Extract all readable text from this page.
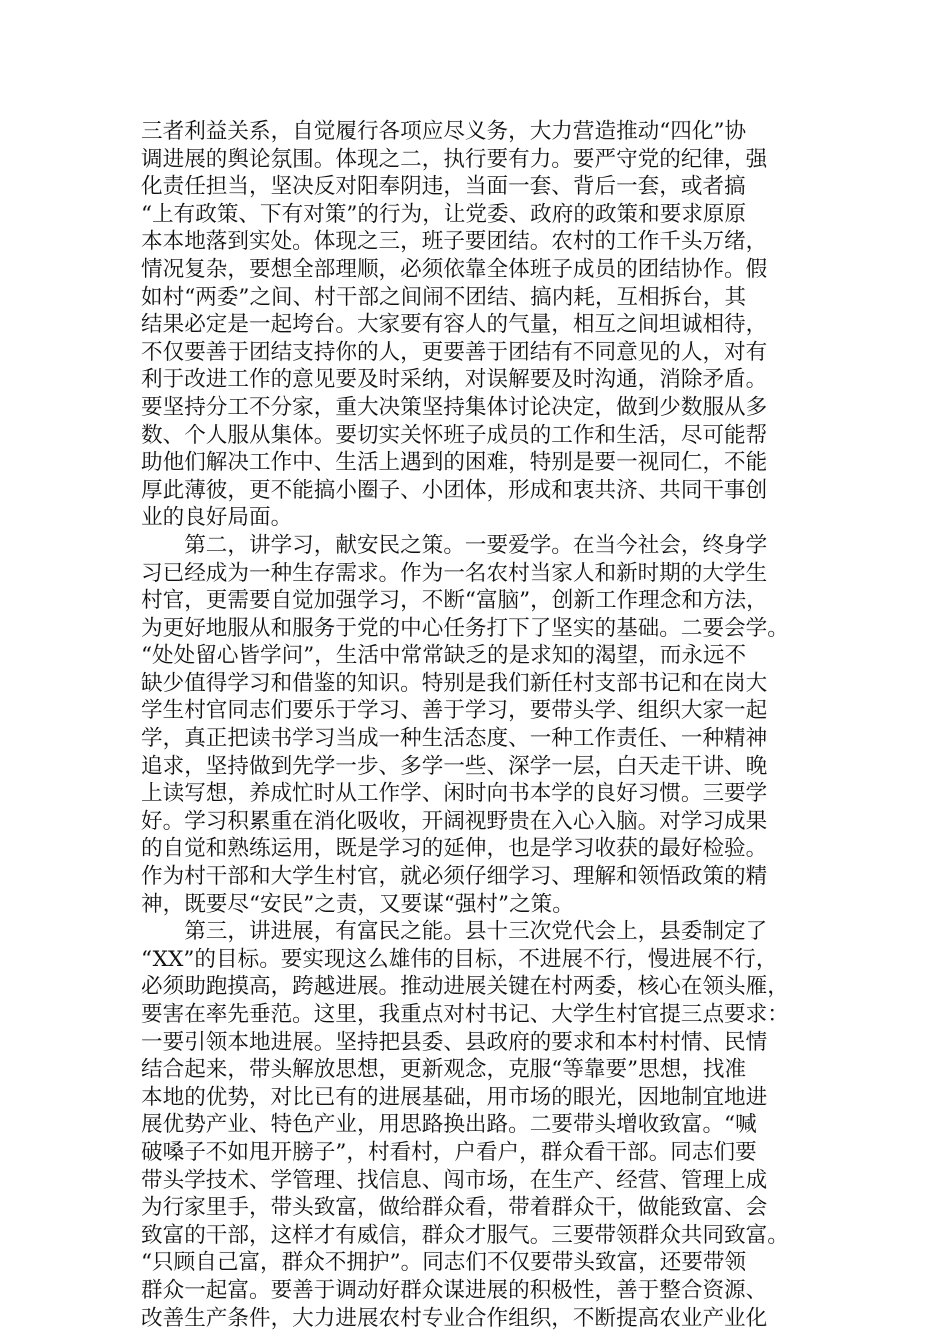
三者利益关系，自觉履行各项应尽义务，大力营造推动“四化”协
调进展的舆论氛围。体现之二，执行要有力。要严守党的纪律，强
化责任担当，坚决反对阳奉阴违，当面一套、背后一套，或者搞
“上有政策、下有对策”的行为，让党委、政府的政策和要求原原
本本地落到实处。体现之三，班子要团结。农村的工作千头万绪，
情况复杂，要想全部理顺，必须依靠全体班子成员的团结协作。假
如村“两委”之间、村干部之间闹不团结、搞内耗，互相拆台，其
结果必定是一起垮台。大家要有容人的气量，相互之间坦诚相待，
不仅要善于团结支持你的人，更要善于团结有不同意见的人，对有
利于改进工作的意见要及时采纳，对误解要及时沟通，消除矛盾。
要坚持分工不分家，重大决策坚持集体讨论决定，做到少数服从多
数、个人服从集体。要切实关怀班子成员的工作和生活，尽可能帮
助他们解决工作中、生活上遇到的困难，特别是要一视同仁，不能
厚此薄彼，更不能搞小圈子、小团体，形成和衷共济、共同干事创
业的良好局面。
　　第二，讲学习，献安民之策。一要爱学。在当今社会，终身学
习已经成为一种生存需求。作为一名农村当家人和新时期的大学生
村官，更需要自觉加强学习，不断“富脑”，创新工作理念和方法，
为更好地服从和服务于党的中心任务打下了坚实的基础。二要会学。
“处处留心皆学问”，生活中常常缺乏的是求知的渴望，而永远不
缺少值得学习和借鉴的知识。特别是我们新任村支部书记和在岗大
学生村官同志们要乐于学习、善于学习，要带头学、组织大家一起
学，真正把读书学习当成一种生活态度、一种工作责任、一种精神
追求，坚持做到先学一步、多学一些、深学一层，白天走干讲、晚
上读写想，养成忙时从工作学、闲时向书本学的良好习惯。三要学
好。学习积累重在消化吸收，开阔视野贵在入心入脑。对学习成果
的自觉和熟练运用，既是学习的延伸，也是学习收获的最好检验。
作为村干部和大学生村官，就必须仔细学习、理解和领悟政策的精
神，既要尽“安民”之责，又要谋“强村”之策。
　　第三，讲进展，有富民之能。县十三次党代会上，县委制定了
“XX”的目标。要实现这么雄伟的目标，不进展不行，慢进展不行，
必须助跑摸高，跨越进展。推动进展关键在村两委，核心在领头雁，
要害在率先垂范。这里，我重点对村书记、大学生村官提三点要求：
一要引领本地进展。坚持把县委、县政府的要求和本村村情、民情
结合起来，带头解放思想，更新观念，克服“等靠要”思想，找准
本地的优势，对比已有的进展基础，用市场的眼光，因地制宜地进
展优势产业、特色产业，用思路换出路。二要带头增收致富。“喊
破嗓子不如甩开膀子”，村看村，户看户，群众看干部。同志们要
带头学技术、学管理、找信息、闯市场，在生产、经营、管理上成
为行家里手，带头致富，做给群众看，带着群众干，做能致富、会
致富的干部，这样才有威信，群众才服气。三要带领群众共同致富。
“只顾自己富，群众不拥护”。同志们不仅要带头致富，还要带领
群众一起富。要善于调动好群众谋进展的积极性，善于整合资源、
改善生产条件，大力进展农村专业合作组织，不断提高农业产业化
